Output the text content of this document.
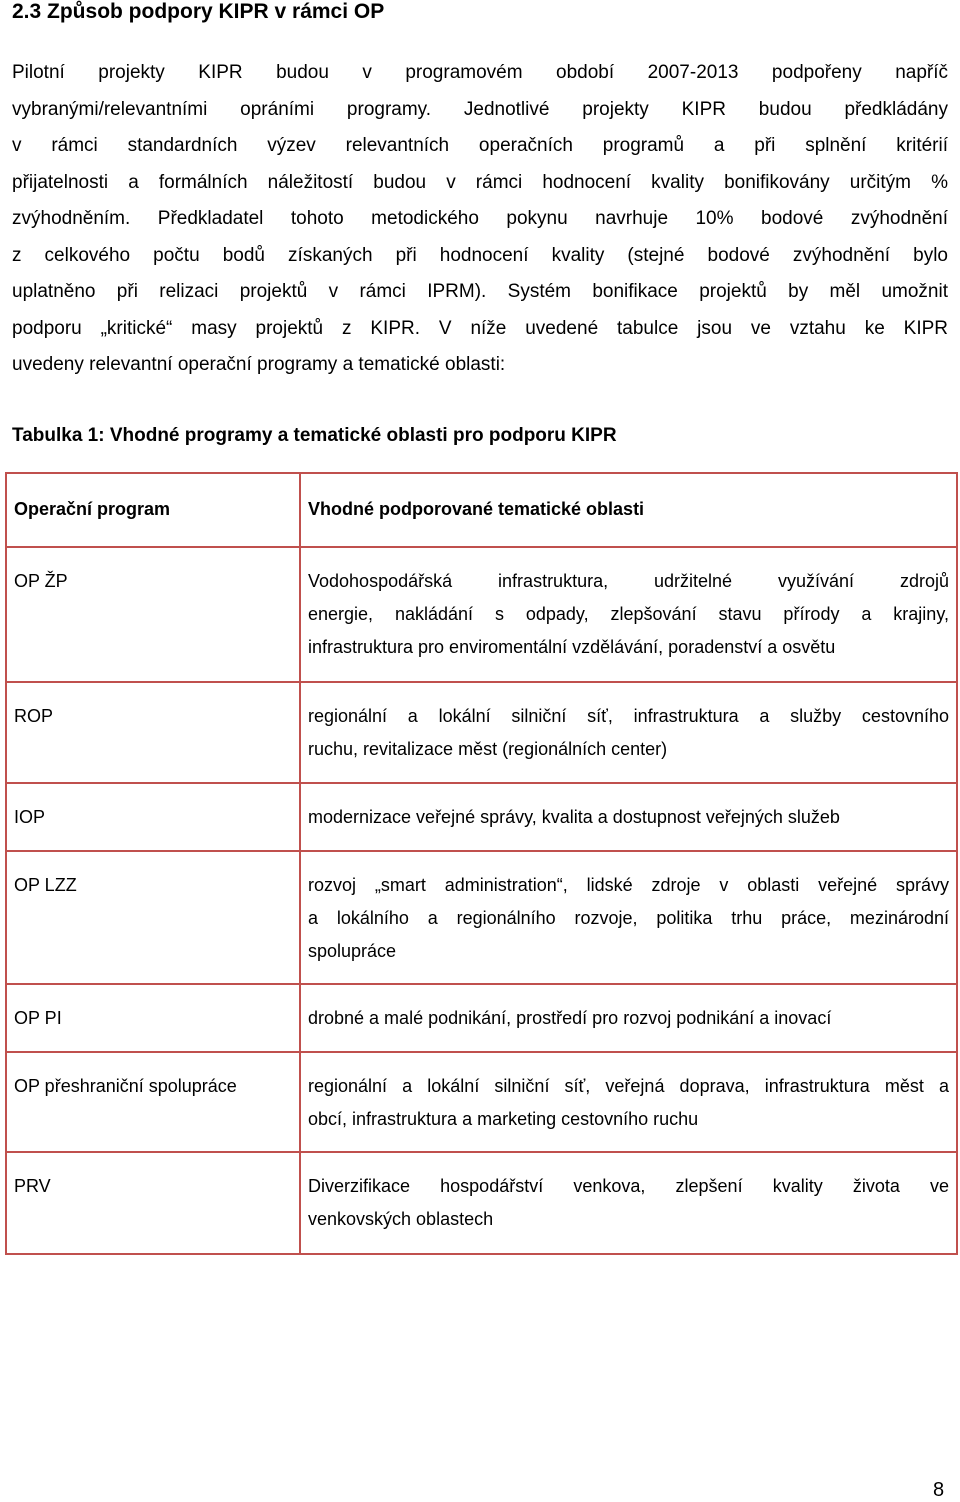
2.3 Způsob podpory KIPR v rámci OP
Pilotní projekty KIPR budou v programovém období 2007-2013 podpořeny napříč
vybranými/relevantními opráními programy. Jednotlivé projekty KIPR budou předkládány
v rámci standardních výzev relevantních operačních programů a při splnění kritérií
přijatelnosti a formálních náležitostí budou v rámci hodnocení kvality bonifikovány určitým %
zvýhodněním. Předkladatel tohoto metodického pokynu navrhuje 10% bodové zvýhodnění
z celkového počtu bodů získaných při hodnocení kvality (stejné bodové zvýhodnění bylo
uplatněno při relizaci projektů v rámci IPRM). Systém bonifikace projektů by měl umožnit
podporu „kritické“ masy projektů z KIPR. V níže uvedené tabulce jsou ve vztahu ke KIPR
uvedeny relevantní operační programy a tematické oblasti:
Tabulka 1: Vhodné programy a tematické oblasti pro podporu KIPR
Operační program	Vhodné podporované tematické oblasti

OP ŽP	Vodohospodářská infrastruktura, udržitelné využívání zdrojů
energie, nakládání s odpady, zlepšování stavu přírody a krajiny,
infrastruktura pro enviromentální vzdělávání, poradenství a osvětu

ROP	regionální a lokální silniční síť, infrastruktura a služby cestovního
ruchu, revitalizace měst (regionálních center)

IOP	modernizace veřejné správy, kvalita a dostupnost veřejných služeb

OP LZZ	rozvoj „smart administration“, lidské zdroje v oblasti veřejné správy
a lokálního a regionálního rozvoje, politika trhu práce, mezinárodní
spolupráce

OP PI	drobné a malé podnikání, prostředí pro rozvoj podnikání a inovací

OP přeshraniční spolupráce	regionální a lokální silniční síť, veřejná doprava, infrastruktura měst a
obcí, infrastruktura a marketing cestovního ruchu

PRV	Diverzifikace hospodářství venkova, zlepšení kvality života ve
venkovských oblastech
8
